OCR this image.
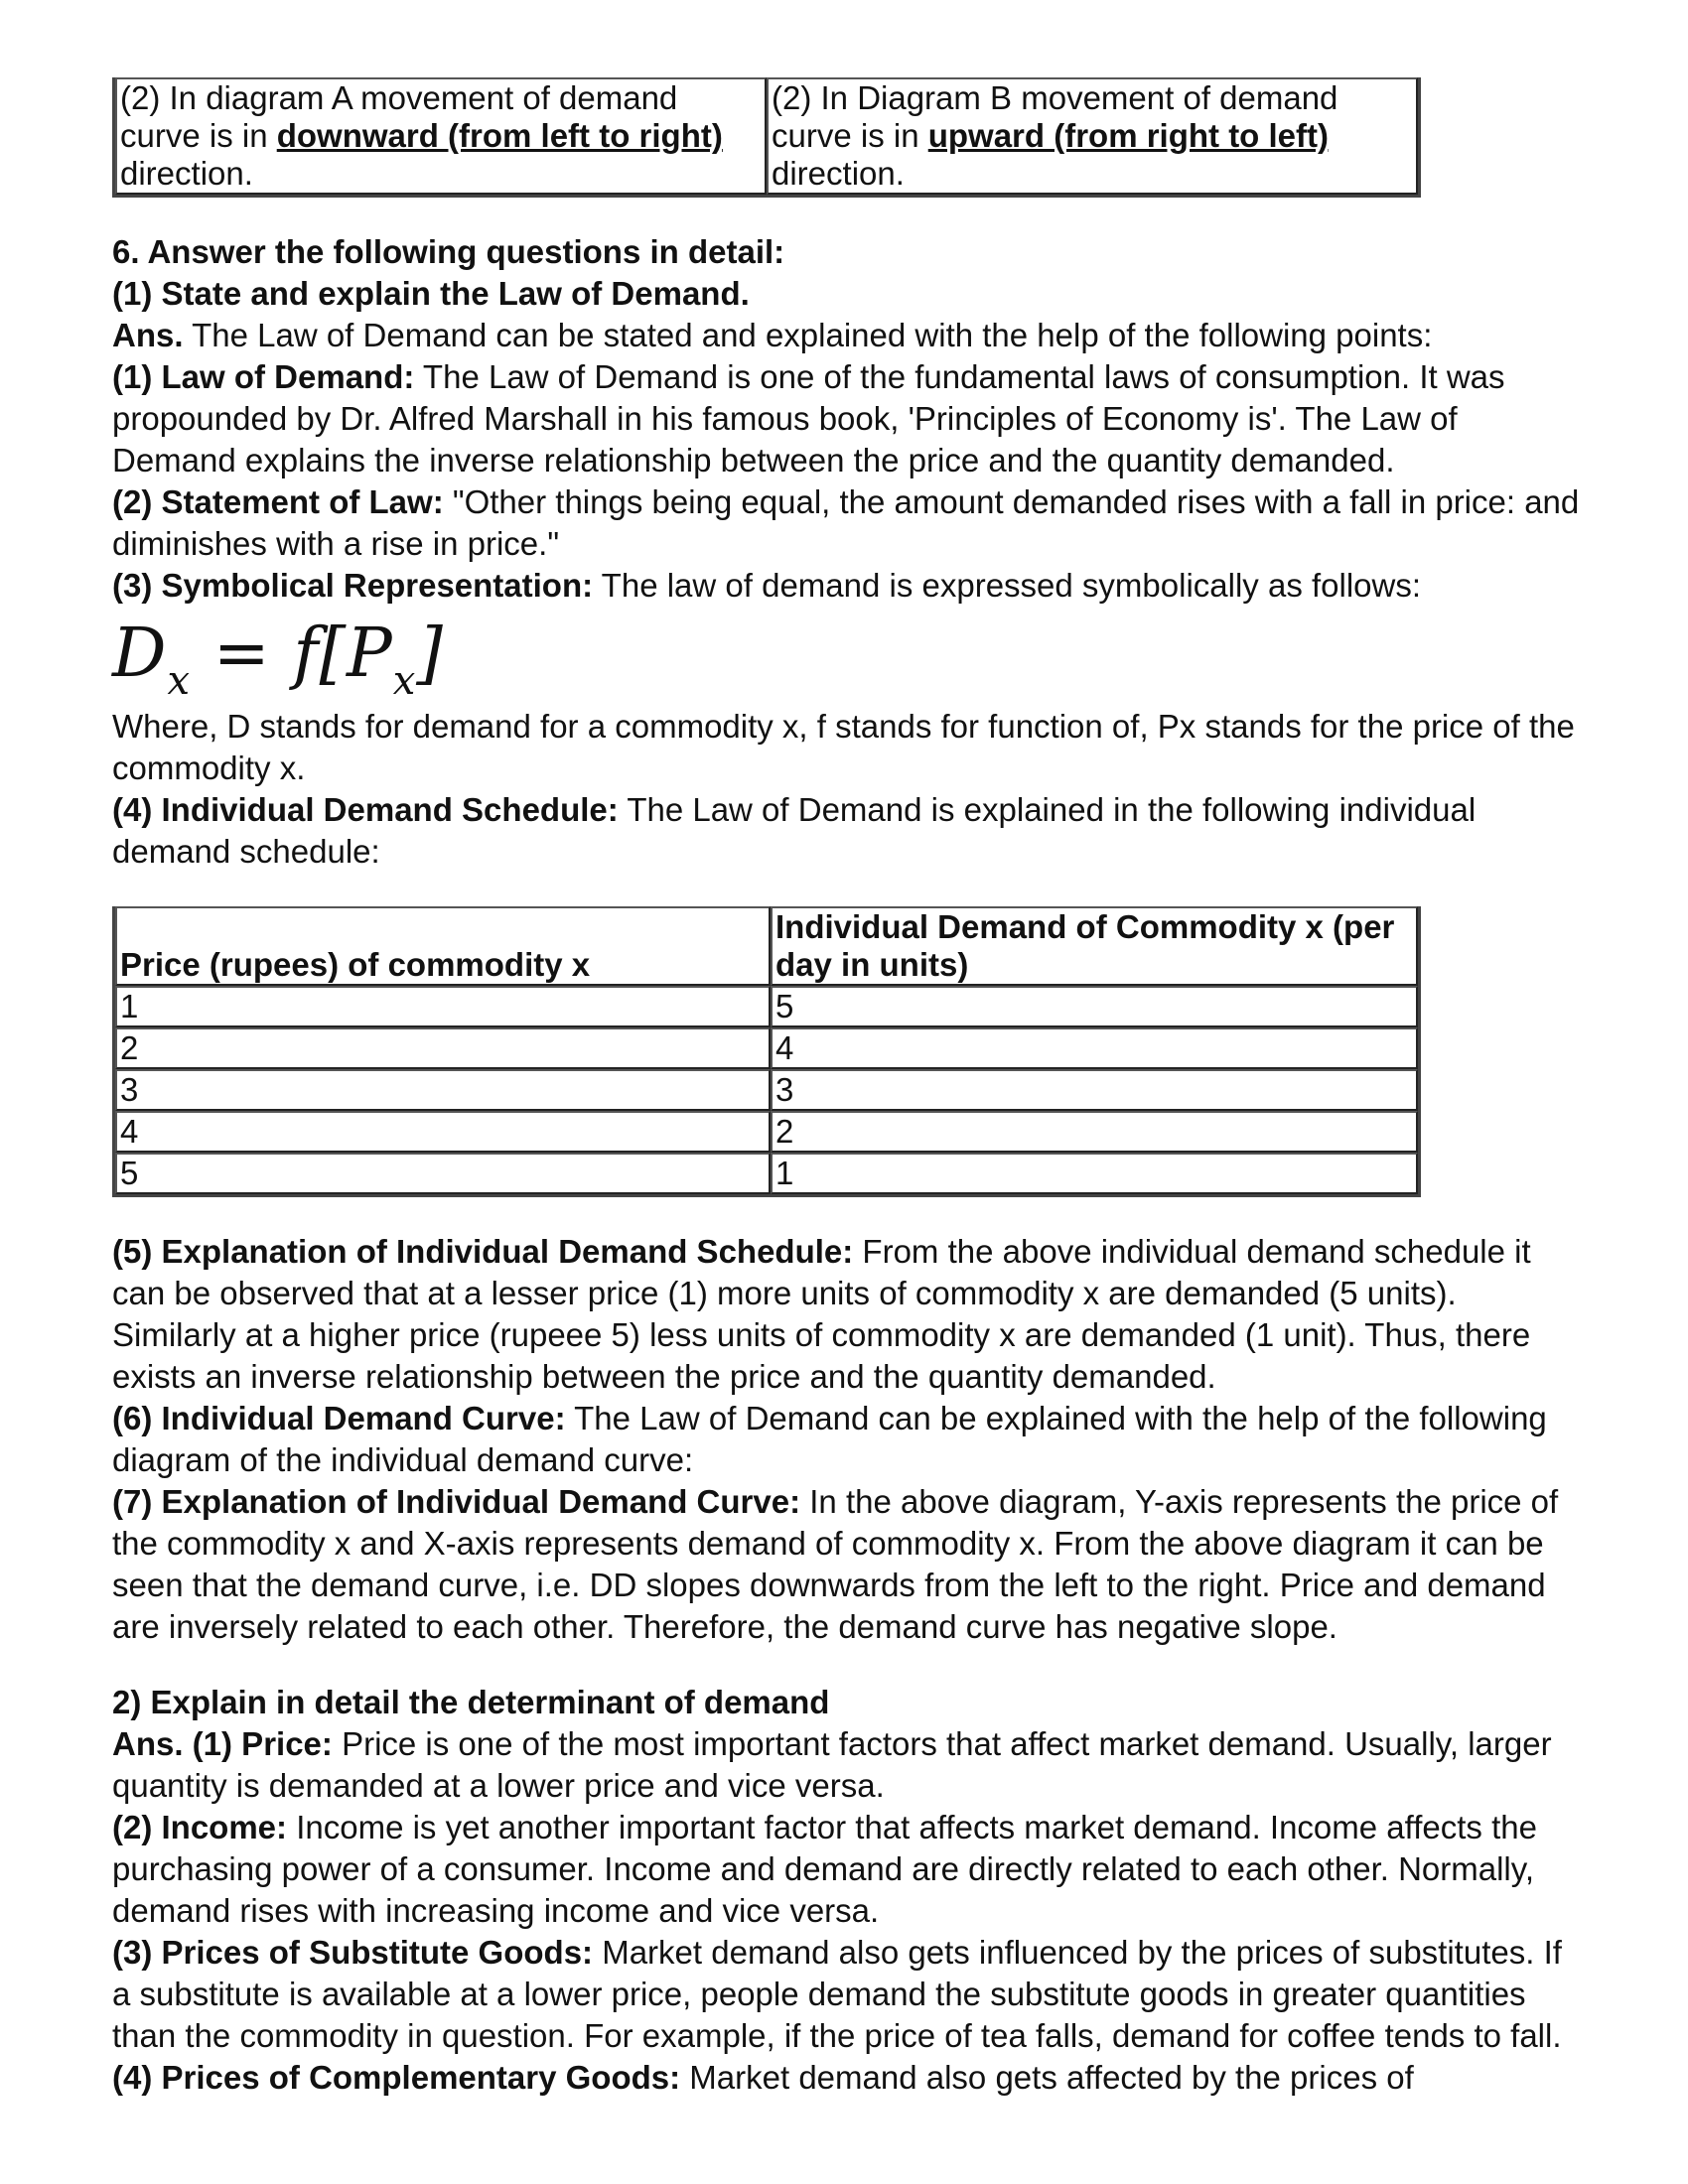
(2) In diagram A movement of demand curve is in downward (from left to right) direction.	(2) In Diagram B movement of demand curve is in upward (from right to left) direction.

6. Answer the following questions in detail:

(1) State and explain the Law of Demand.

Ans. The Law of Demand can be stated and explained with the help of the following points:

(1) Law of Demand: The Law of Demand is one of the fundamental laws of consumption. It was propounded by Dr. Alfred Marshall in his famous book, 'Principles of Economy is'. The Law of Demand explains the inverse relationship between the price and the quantity demanded.

(2) Statement of Law: "Other things being equal, the amount demanded rises with a fall in price: and diminishes with a rise in price."

(3) Symbolical Representation: The law of demand is expressed symbolically as follows:

$D_x = f[P_x]$

Where, D stands for demand for a commodity x, f stands for function of, Px stands for the price of the commodity x.

(4) Individual Demand Schedule: The Law of Demand is explained in the following individual demand schedule:

Price (rupees) of commodity x	Individual Demand of Commodity x (per day in units)
1	5
2	4
3	3
4	2
5	1

(5) Explanation of Individual Demand Schedule: From the above individual demand schedule it can be observed that at a lesser price (1) more units of commodity x are demanded (5 units). Similarly at a higher price (rupeee 5) less units of commodity x are demanded (1 unit). Thus, there exists an inverse relationship between the price and the quantity demanded.

(6) Individual Demand Curve: The Law of Demand can be explained with the help of the following diagram of the individual demand curve:

(7) Explanation of Individual Demand Curve: In the above diagram, Y-axis represents the price of the commodity x and X-axis represents demand of commodity x. From the above diagram it can be seen that the demand curve, i.e. DD slopes downwards from the left to the right. Price and demand are inversely related to each other. Therefore, the demand curve has negative slope.

2) Explain in detail the determinant of demand

Ans. (1) Price: Price is one of the most important factors that affect market demand. Usually, larger quantity is demanded at a lower price and vice versa.

(2) Income: Income is yet another important factor that affects market demand. Income affects the purchasing power of a consumer. Income and demand are directly related to each other. Normally, demand rises with increasing income and vice versa.

(3) Prices of Substitute Goods: Market demand also gets influenced by the prices of substitutes. If a substitute is available at a lower price, people demand the substitute goods in greater quantities than the commodity in question. For example, if the price of tea falls, demand for coffee tends to fall.

(4) Prices of Complementary Goods: Market demand also gets affected by the prices of
